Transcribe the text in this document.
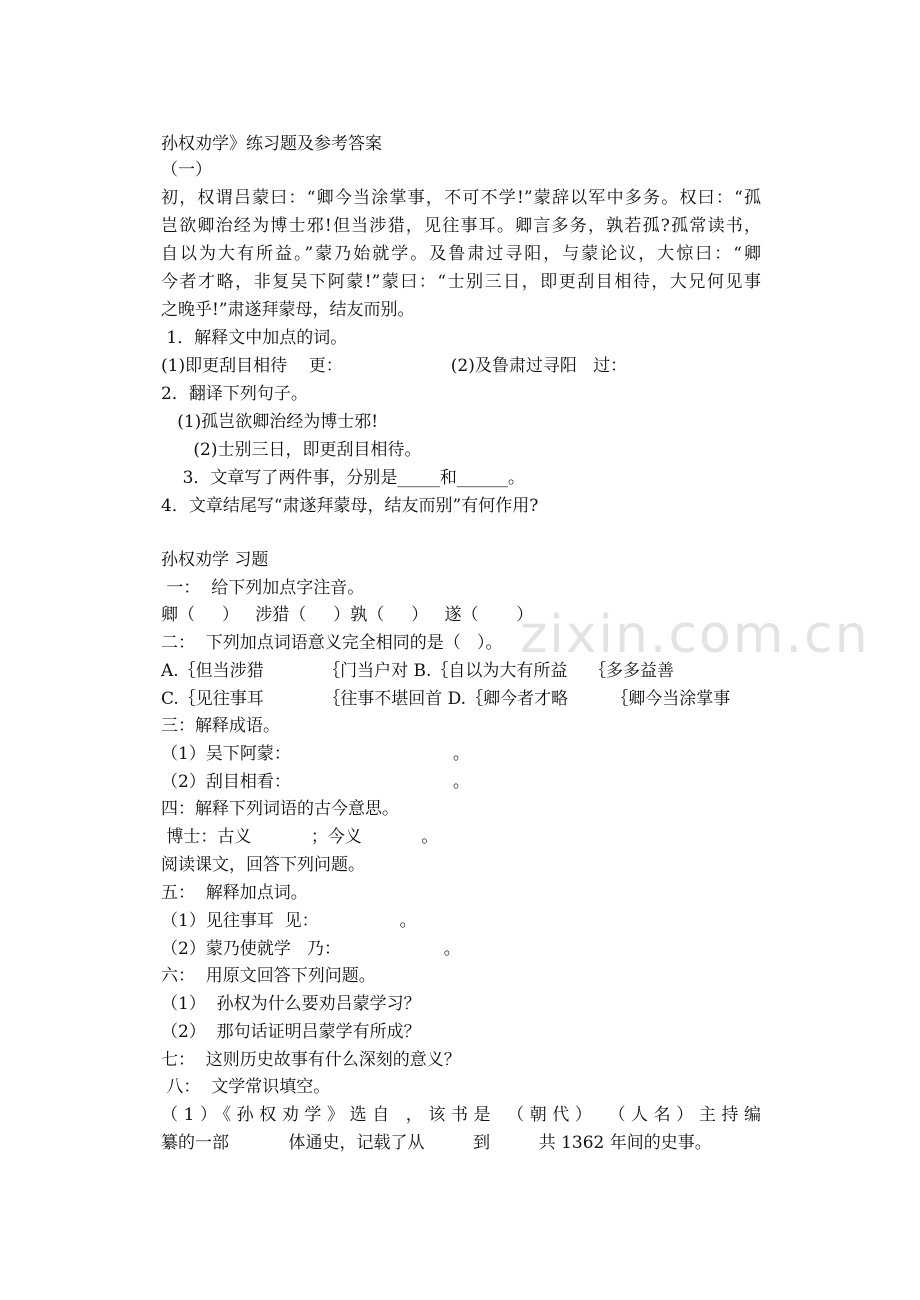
zixin.com.cn
孙权劝学》练习题及参考答案
（一）
初，权谓吕蒙曰：“卿今当涂掌事，不可不学!”蒙辞以军中多务。权曰：“孤
岂欲卿治经为博士邪!但当涉猎，见往事耳。卿言多务，孰若孤?孤常读书，
自以为大有所益。”蒙乃始就学。及鲁肃过寻阳，与蒙论议，大惊曰：“卿
今者才略，非复吴下阿蒙!”蒙曰：“士别三日，即更刮目相待，大兄何见事
之晚乎!”肃遂拜蒙母，结友而别。
1．解释文中加点的词。
(1)即更刮目相待    更：                    (2)及鲁肃过寻阳   过：
2．翻译下列句子。
(1)孤岂欲卿治经为博士邪!
(2)士别三日，即更刮目相待。
3．文章写了两件事，分别是_____和______。
4．文章结尾写“肃遂拜蒙母，结友而别”有何作用?
孙权劝学 习题
一：  给下列加点字注音。
卿（     ）   涉猎（     ）孰（     ）   遂（       ）
二：  下列加点词语意义完全相同的是（   ）。
A.｛但当涉猎           ｛门当户对 B.｛自以为大有所益    ｛多多益善
C.｛见往事耳           ｛往事不堪回首 D.｛卿今者才略        ｛卿今当涂掌事
三：解释成语。
（1）吴下阿蒙：                              。
（2）刮目相看：                              。
四：解释下列词语的古今意思。
博士：古义           ；今义           。
阅读课文，回答下列问题。
五：  解释加点词。
（1）见往事耳  见：               。
（2）蒙乃使就学   乃：                   。
六：  用原文回答下列问题。
（1）  孙权为什么要劝吕蒙学习？
（2）  那句话证明吕蒙学有所成？
七：  这则历史故事有什么深刻的意义？
八：  文学常识填空。
（1）《孙权劝学》选自 ，该书是 （朝代） （人名）主持编
纂的一部           体通史，记载了从         到         共 1362 年间的史事。
